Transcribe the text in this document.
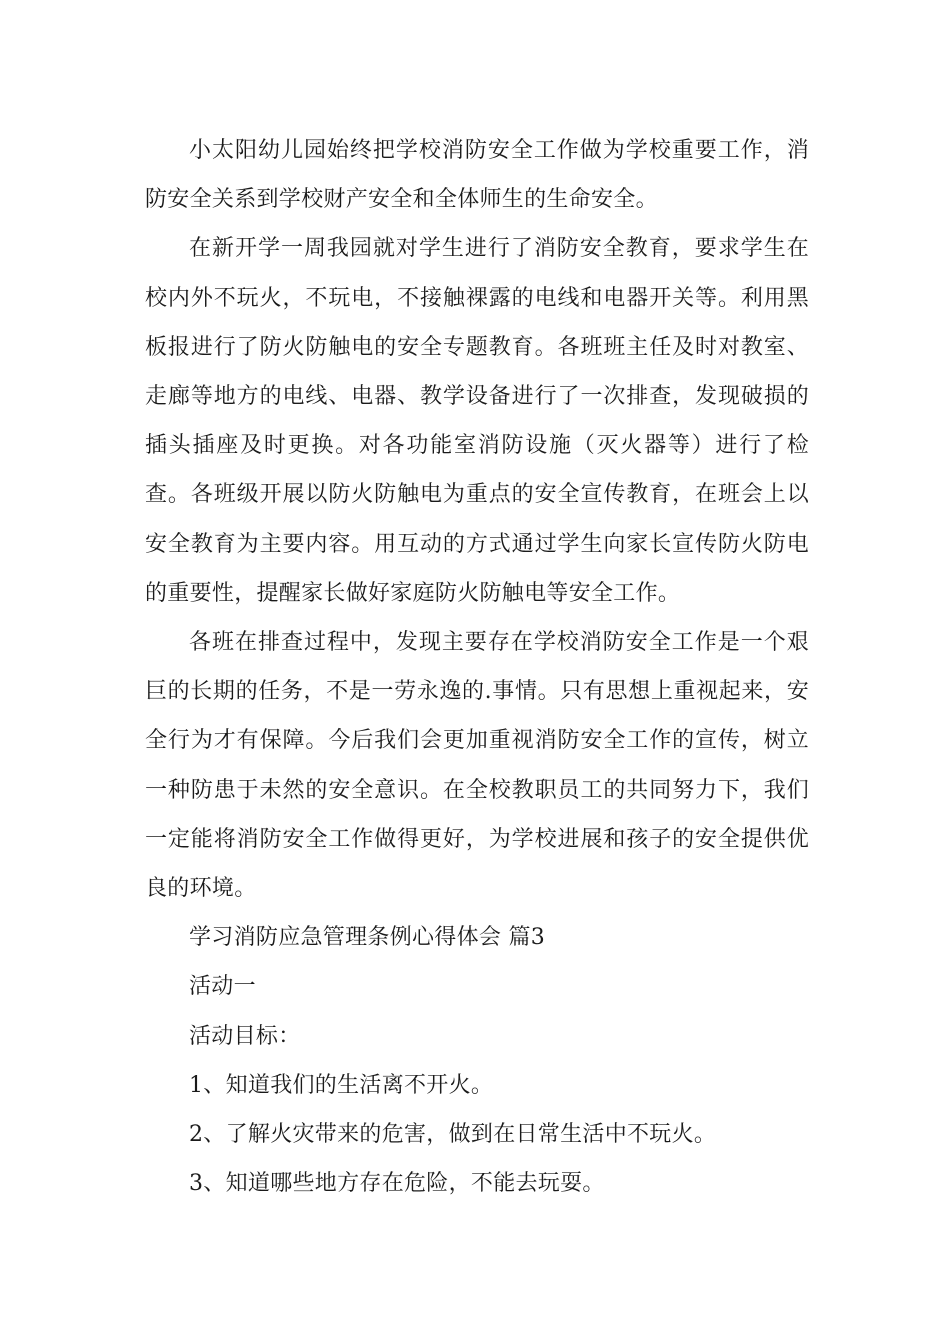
小太阳幼儿园始终把学校消防安全工作做为学校重要工作，消防安全关系到学校财产安全和全体师生的生命安全。

在新开学一周我园就对学生进行了消防安全教育，要求学生在校内外不玩火，不玩电，不接触裸露的电线和电器开关等。利用黑板报进行了防火防触电的安全专题教育。各班班主任及时对教室、走廊等地方的电线、电器、教学设备进行了一次排查，发现破损的插头插座及时更换。对各功能室消防设施（灭火器等）进行了检查。各班级开展以防火防触电为重点的安全宣传教育，在班会上以安全教育为主要内容。用互动的方式通过学生向家长宣传防火防电的重要性，提醒家长做好家庭防火防触电等安全工作。

各班在排查过程中，发现主要存在学校消防安全工作是一个艰巨的长期的任务，不是一劳永逸的.事情。只有思想上重视起来，安全行为才有保障。今后我们会更加重视消防安全工作的宣传，树立一种防患于未然的安全意识。在全校教职员工的共同努力下，我们一定能将消防安全工作做得更好，为学校进展和孩子的安全提供优良的环境。

学习消防应急管理条例心得体会 篇3

活动一

活动目标：

1、知道我们的生活离不开火。

2、了解火灾带来的危害，做到在日常生活中不玩火。

3、知道哪些地方存在危险，不能去玩耍。
